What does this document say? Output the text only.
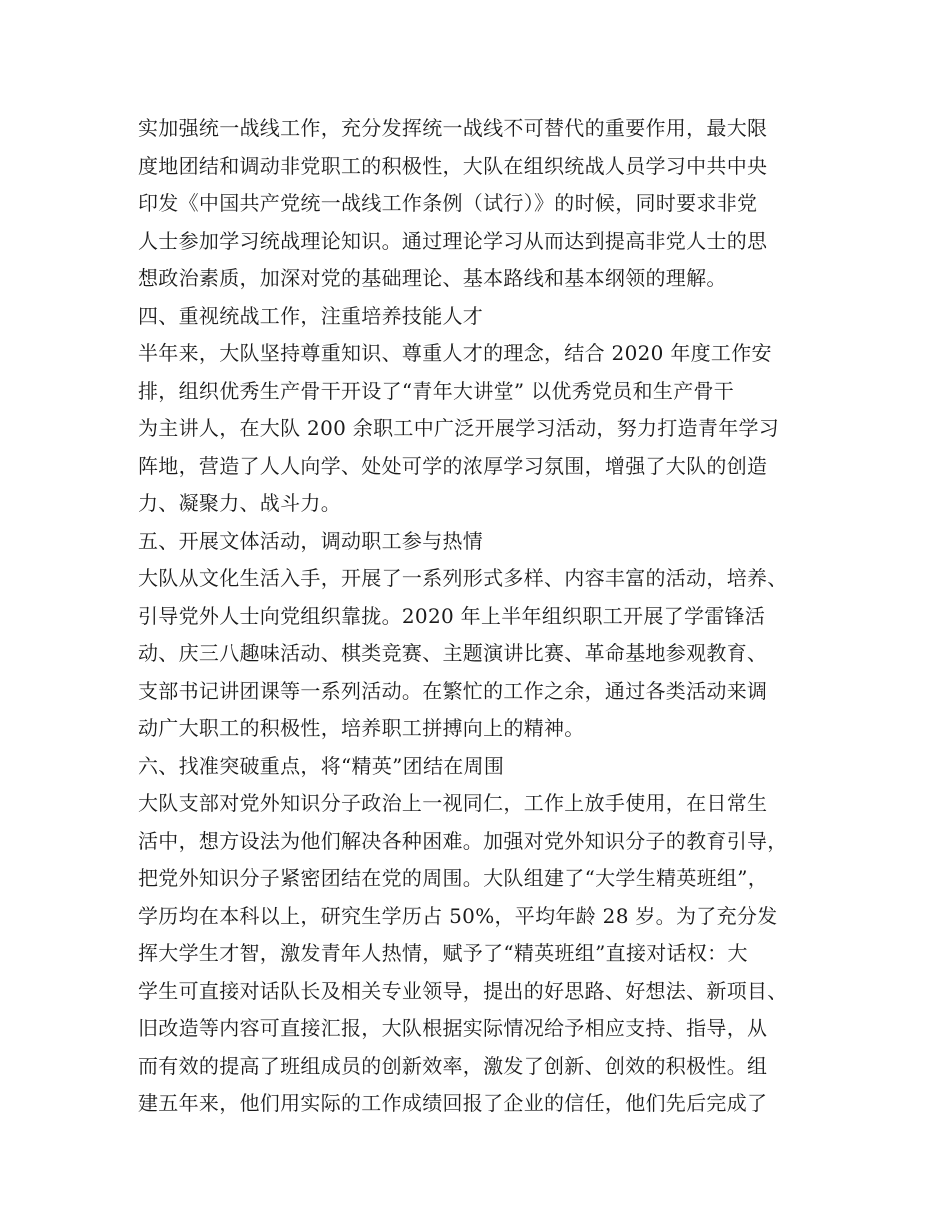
实加强统一战线工作，充分发挥统一战线不可替代的重要作用，最大限
度地团结和调动非党职工的积极性，大队在组织统战人员学习中共中央
印发《中国共产党统一战线工作条例（试行）》的时候，同时要求非党
人士参加学习统战理论知识。通过理论学习从而达到提高非党人士的思
想政治素质，加深对党的基础理论、基本路线和基本纲领的理解。
四、重视统战工作，注重培养技能人才
半年来，大队坚持尊重知识、尊重人才的理念，结合 2020 年度工作安
排，组织优秀生产骨干开设了“青年大讲堂” 以优秀党员和生产骨干
为主讲人，在大队 200 余职工中广泛开展学习活动，努力打造青年学习
阵地，营造了人人向学、处处可学的浓厚学习氛围，增强了大队的创造
力、凝聚力、战斗力。
五、开展文体活动，调动职工参与热情
大队从文化生活入手，开展了一系列形式多样、内容丰富的活动，培养、
引导党外人士向党组织靠拢。2020 年上半年组织职工开展了学雷锋活
动、庆三八趣味活动、棋类竞赛、主题演讲比赛、革命基地参观教育、
支部书记讲团课等一系列活动。在繁忙的工作之余，通过各类活动来调
动广大职工的积极性，培养职工拼搏向上的精神。
六、找准突破重点，将“精英”团结在周围
大队支部对党外知识分子政治上一视同仁，工作上放手使用，在日常生
活中，想方设法为他们解决各种困难。加强对党外知识分子的教育引导，
把党外知识分子紧密团结在党的周围。大队组建了“大学生精英班组”，
学历均在本科以上，研究生学历占 50%，平均年龄 28 岁。为了充分发
挥大学生才智，激发青年人热情，赋予了“精英班组”直接对话权：大
学生可直接对话队长及相关专业领导，提出的好思路、好想法、新项目、
旧改造等内容可直接汇报，大队根据实际情况给予相应支持、指导，从
而有效的提高了班组成员的创新效率，激发了创新、创效的积极性。组
建五年来，他们用实际的工作成绩回报了企业的信任，他们先后完成了
